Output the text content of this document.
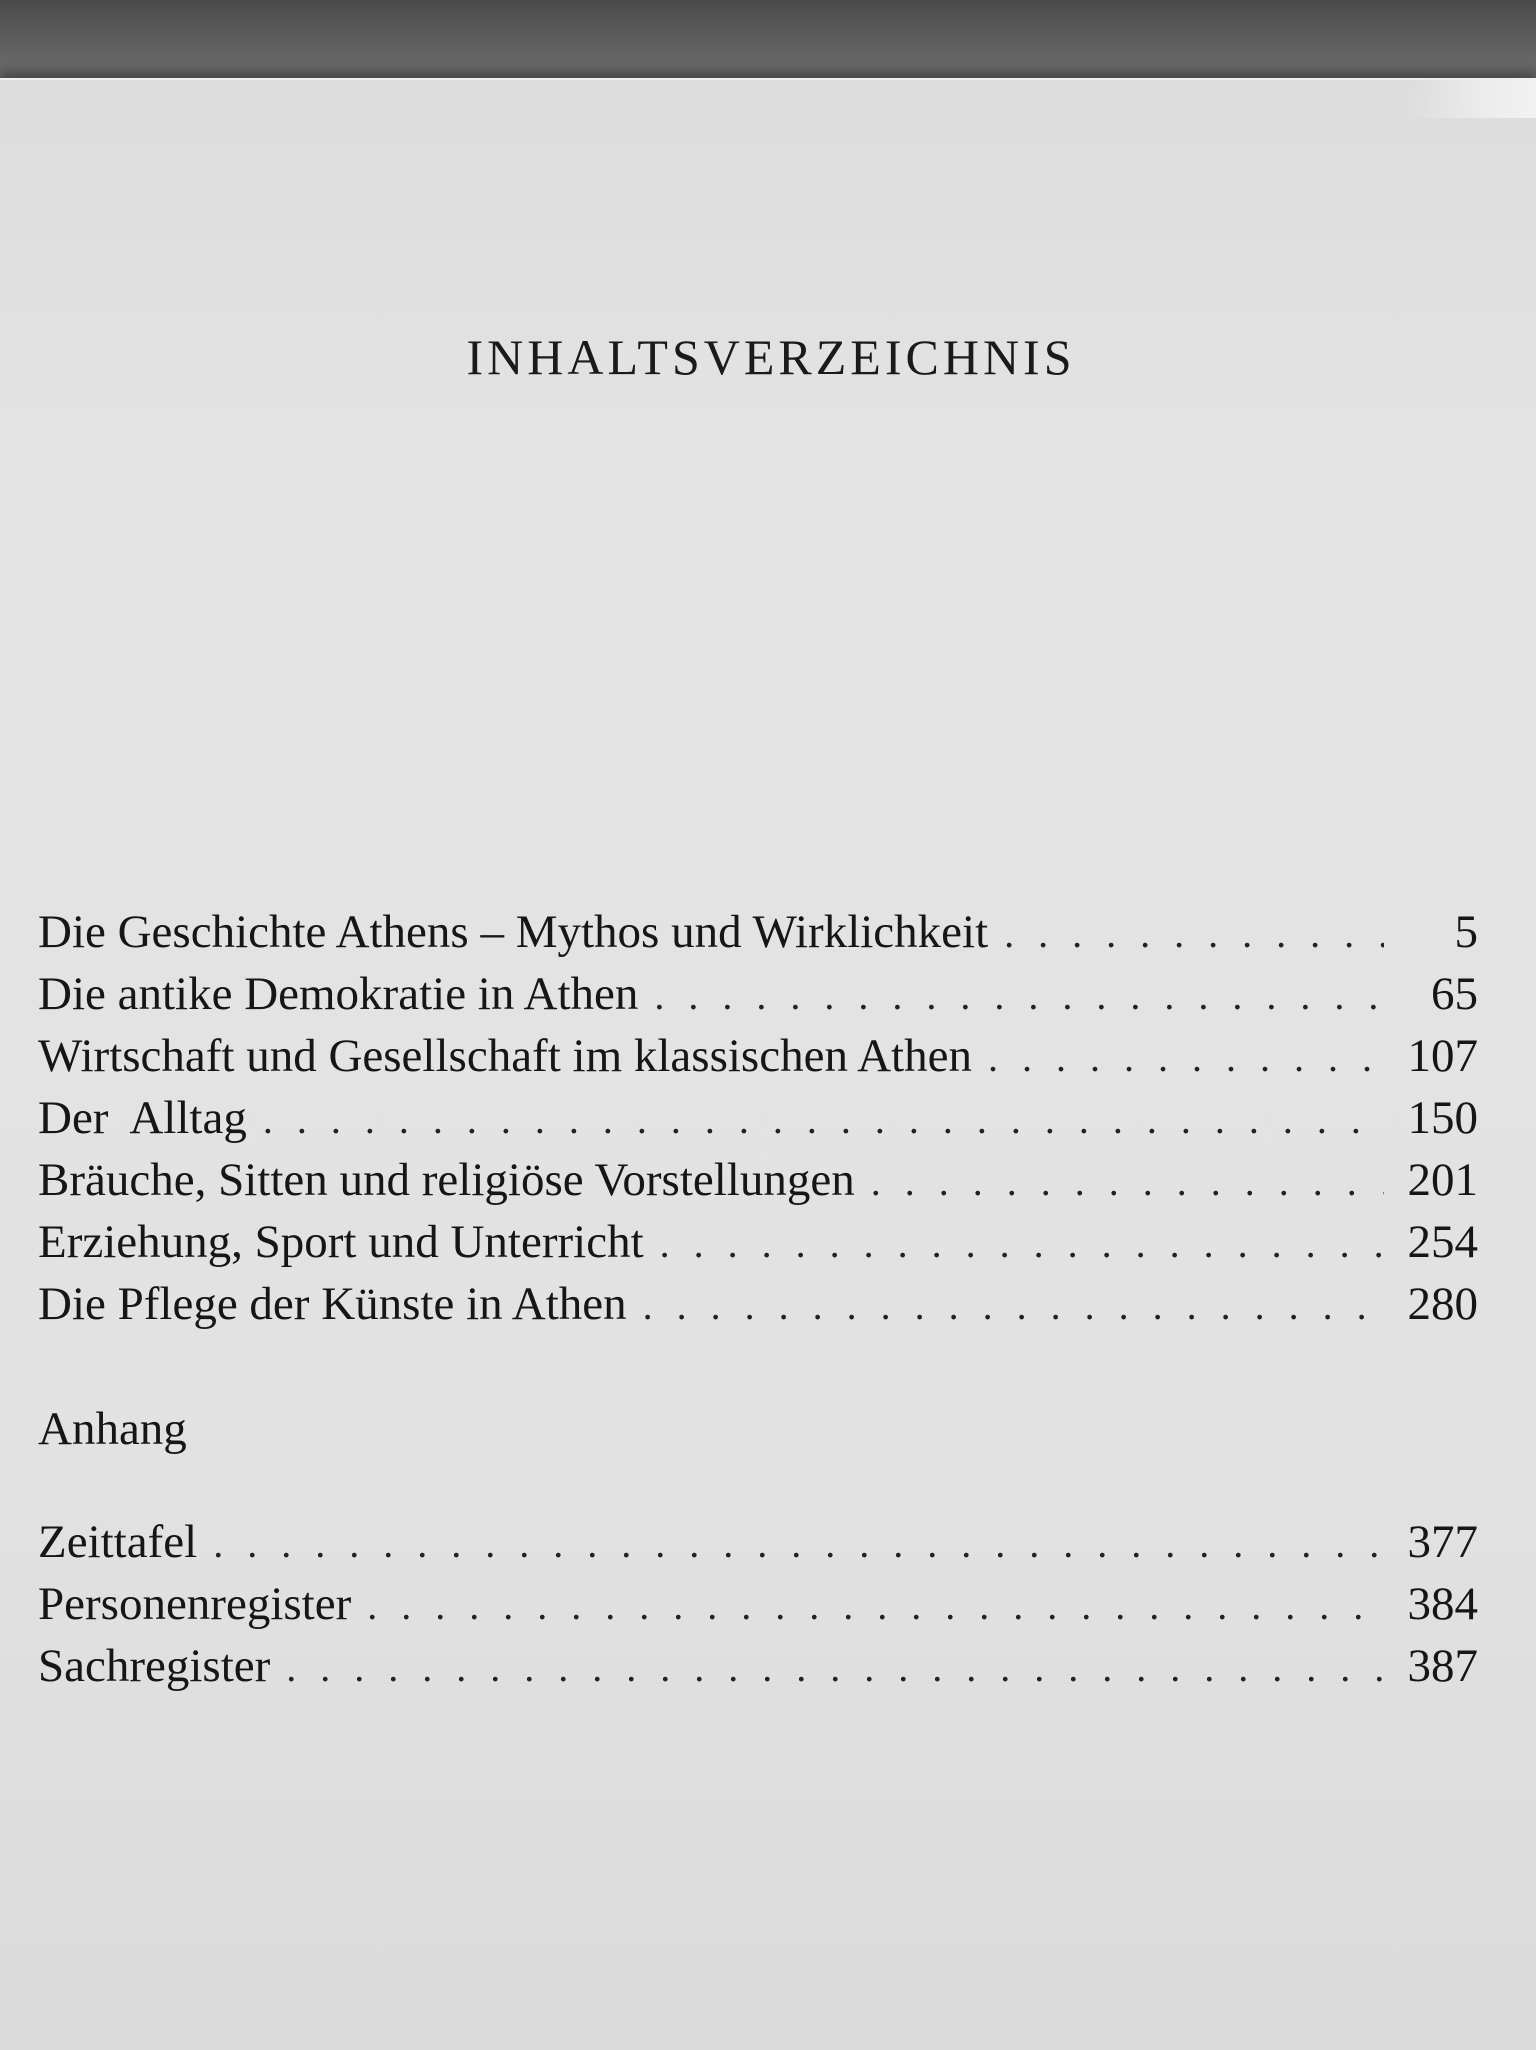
INHALTSVERZEICHNIS
Die Geschichte Athens – Mythos und Wirklichkeit . . .	5
Die antike Demokratie in Athen . . .	65
Wirtschaft und Gesellschaft im klassischen Athen . . .	107
Der  Alltag . . .	150
Bräuche, Sitten und religiöse Vorstellungen . . .	201
Erziehung, Sport und Unterricht . . .	254
Die Pflege der Künste in Athen . . .	280
Anhang
Zeittafel . . .	377
Personenregister . . .	384
Sachregister . . .	387
